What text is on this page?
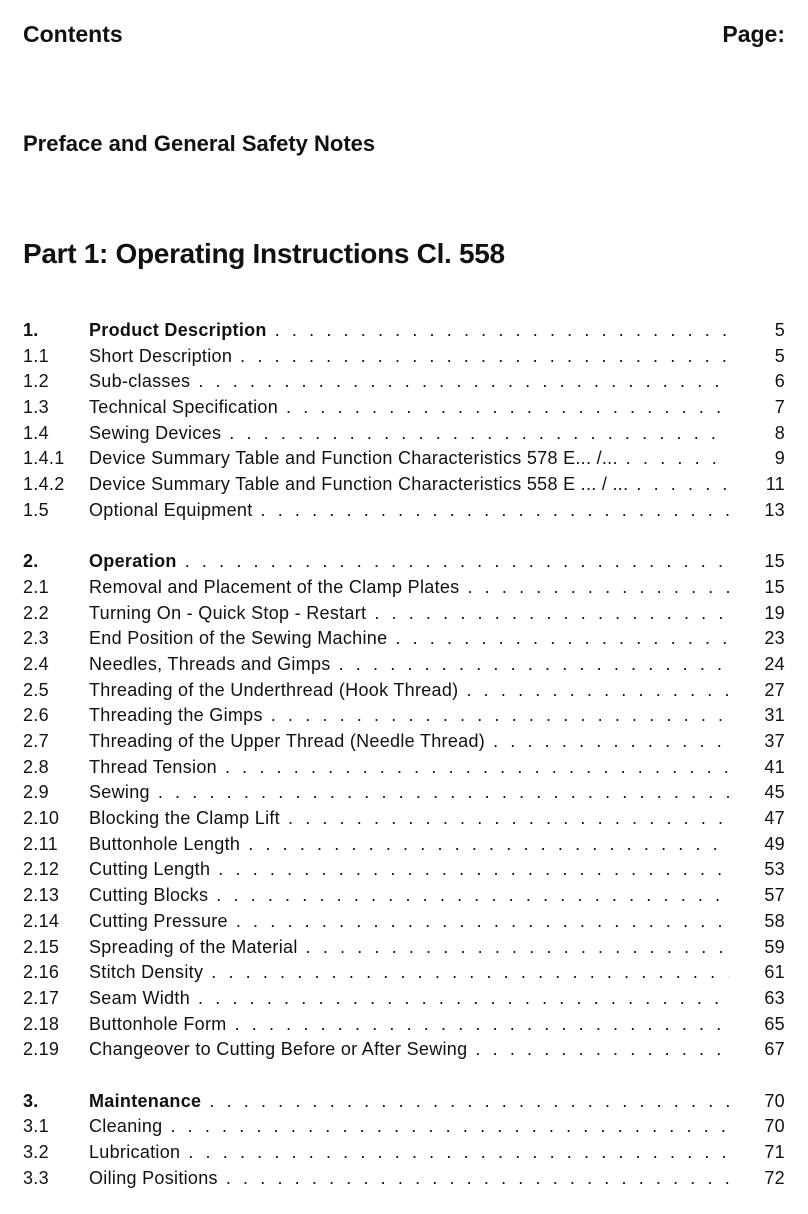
Contents	Page:
Preface and General Safety Notes
Part 1: Operating Instructions Cl. 558
1.	Product Description . . .	5
1.1 Short Description . . .	5
1.2 Sub-classes . . .	6
1.3 Technical Specification . . .	7
1.4 Sewing Devices . . .	8
1.4.1 Device Summary Table and Function Characteristics 578 E... /... . . .	9
1.4.2 Device Summary Table and Function Characteristics 558 E ... / ... . . .	11
1.5 Optional Equipment . . .	13
2.	Operation . . .	15
2.1 Removal and Placement of the Clamp Plates . . .	15
2.2 Turning On - Quick Stop - Restart . . .	19
2.3 End Position of the Sewing Machine . . .	23
2.4 Needles, Threads and Gimps . . .	24
2.5 Threading of the Underthread (Hook Thread) . . .	27
2.6 Threading the Gimps . . .	31
2.7 Threading of the Upper Thread (Needle Thread) . . .	37
2.8 Thread Tension . . .	41
2.9 Sewing . . .	45
2.10 Blocking the Clamp Lift . . .	47
2.11 Buttonhole Length . . .	49
2.12 Cutting Length . . .	53
2.13 Cutting Blocks . . .	57
2.14 Cutting Pressure . . .	58
2.15 Spreading of the Material . . .	59
2.16 Stitch Density . . .	61
2.17 Seam Width . . .	63
2.18 Buttonhole Form . . .	65
2.19 Changeover to Cutting Before or After Sewing . . .	67
3.	Maintenance . . .	70
3.1 Cleaning . . .	70
3.2 Lubrication . . .	71
3.3 Oiling Positions . . .	72
